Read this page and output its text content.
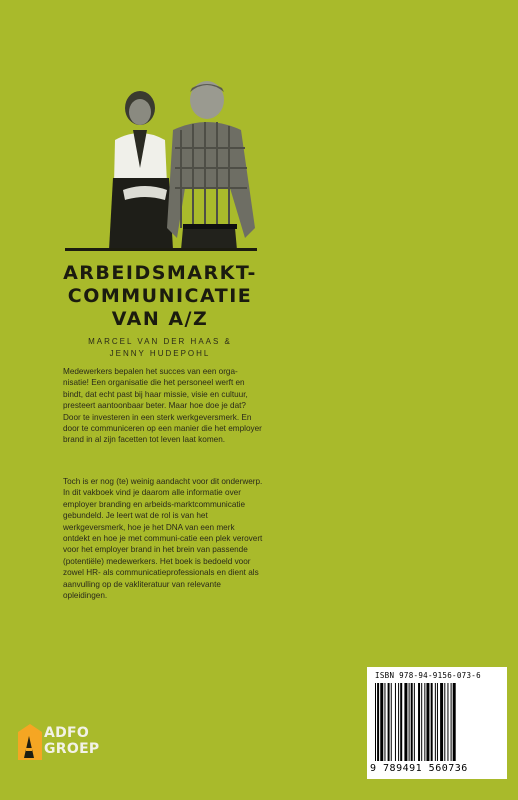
ARBEIDSMARKT-
COMMUNICATIE
VAN A/Z
MARCEL VAN DER HAAS &
JENNY HUDEPOHL

Medewerkers bepalen het succes van een orga-nisatie! Een organisatie die het personeel werft en bindt, dat echt past bij haar missie, visie en cultuur, presteert aantoonbaar beter. Maar hoe doe je dat? Door te investeren in een sterk werkgeversmerk. En door te communiceren op een manier die het employer brand in al zijn facetten tot leven laat komen.

Toch is er nog (te) weinig aandacht voor dit onderwerp. In dit vakboek vind je daarom alle informatie over employer branding en arbeids-marktcommunicatie gebundeld. Je leert wat de rol is van het werkgeversmerk, hoe je het DNA van een merk ontdekt en hoe je met communi-catie een plek verovert voor het employer brand in het brein van passende (potentiële) medewerkers. Het boek is bedoeld voor zowel HR- als communicatieprofessionals en dient als aanvulling op de vakliteratuur van relevante opleidingen.

ISBN 978-94-9156-073-6
9 789491 560736
ADFO
GROEP
